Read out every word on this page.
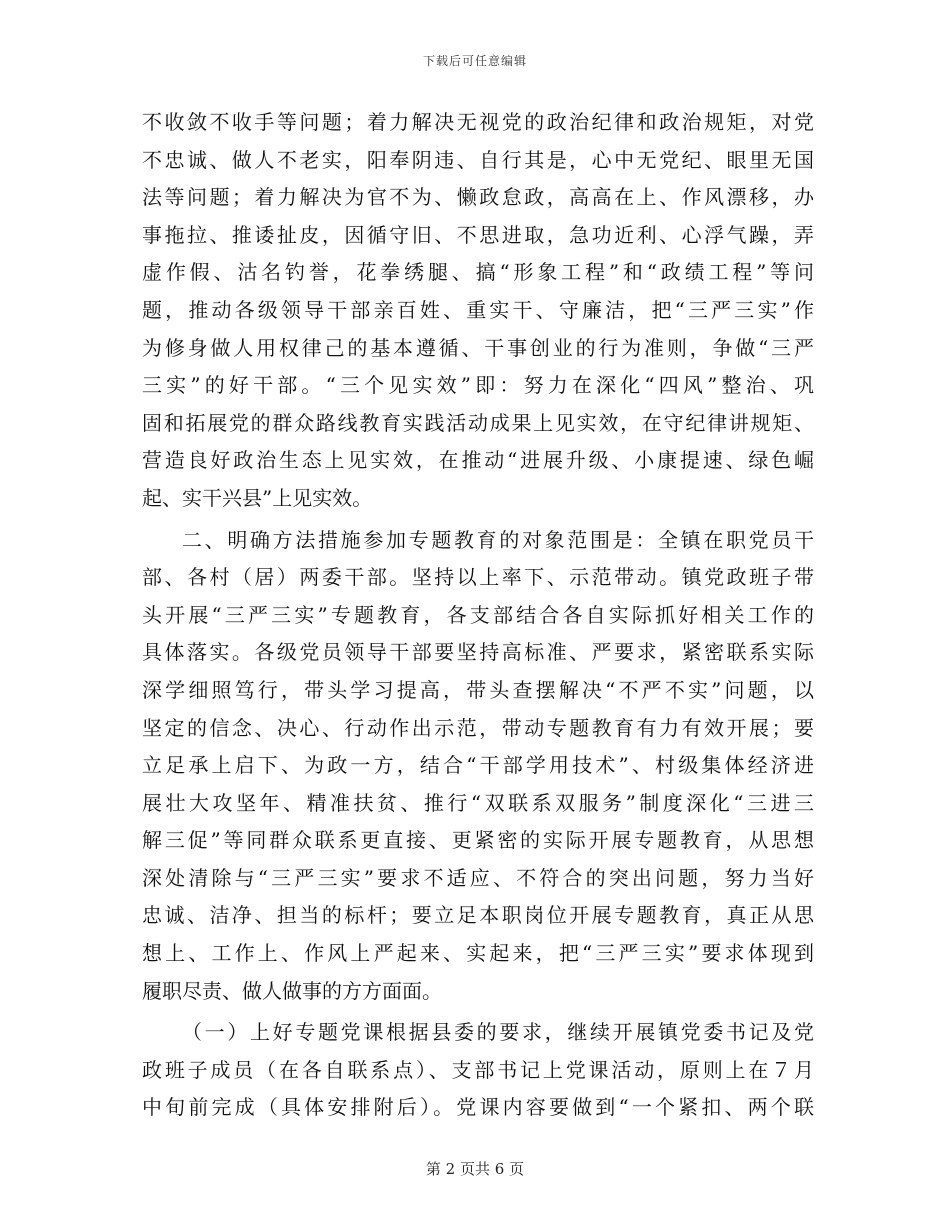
下载后可任意编辑
不收敛不收手等问题；着力解决无视党的政治纪律和政治规矩，对党
不忠诚、做人不老实，阳奉阴违、自行其是，心中无党纪、眼里无国
法等问题；着力解决为官不为、懒政怠政，高高在上、作风漂移，办
事拖拉、推诿扯皮，因循守旧、不思进取，急功近利、心浮气躁，弄
虚作假、沽名钓誉，花拳绣腿、搞“形象工程”和“政绩工程”等问
题，推动各级领导干部亲百姓、重实干、守廉洁，把“三严三实”作
为修身做人用权律己的基本遵循、干事创业的行为准则，争做“三严
三实”的好干部。“三个见实效”即：努力在深化“四风”整治、巩
固和拓展党的群众路线教育实践活动成果上见实效，在守纪律讲规矩、
营造良好政治生态上见实效，在推动“进展升级、小康提速、绿色崛
起、实干兴县”上见实效。
二、明确方法措施参加专题教育的对象范围是：全镇在职党员干
部、各村（居）两委干部。坚持以上率下、示范带动。镇党政班子带
头开展“三严三实”专题教育，各支部结合各自实际抓好相关工作的
具体落实。各级党员领导干部要坚持高标准、严要求，紧密联系实际
深学细照笃行，带头学习提高，带头查摆解决“不严不实”问题，以
坚定的信念、决心、行动作出示范，带动专题教育有力有效开展；要
立足承上启下、为政一方，结合“干部学用技术”、村级集体经济进
展壮大攻坚年、精准扶贫、推行“双联系双服务”制度深化“三进三
解三促”等同群众联系更直接、更紧密的实际开展专题教育，从思想
深处清除与“三严三实”要求不适应、不符合的突出问题，努力当好
忠诚、洁净、担当的标杆；要立足本职岗位开展专题教育，真正从思
想上、工作上、作风上严起来、实起来，把“三严三实”要求体现到
履职尽责、做人做事的方方面面。
（一）上好专题党课根据县委的要求，继续开展镇党委书记及党
政班子成员（在各自联系点）、支部书记上党课活动，原则上在７月
中旬前完成（具体安排附后）。党课内容要做到“一个紧扣、两个联
第 2 页共 6 页
